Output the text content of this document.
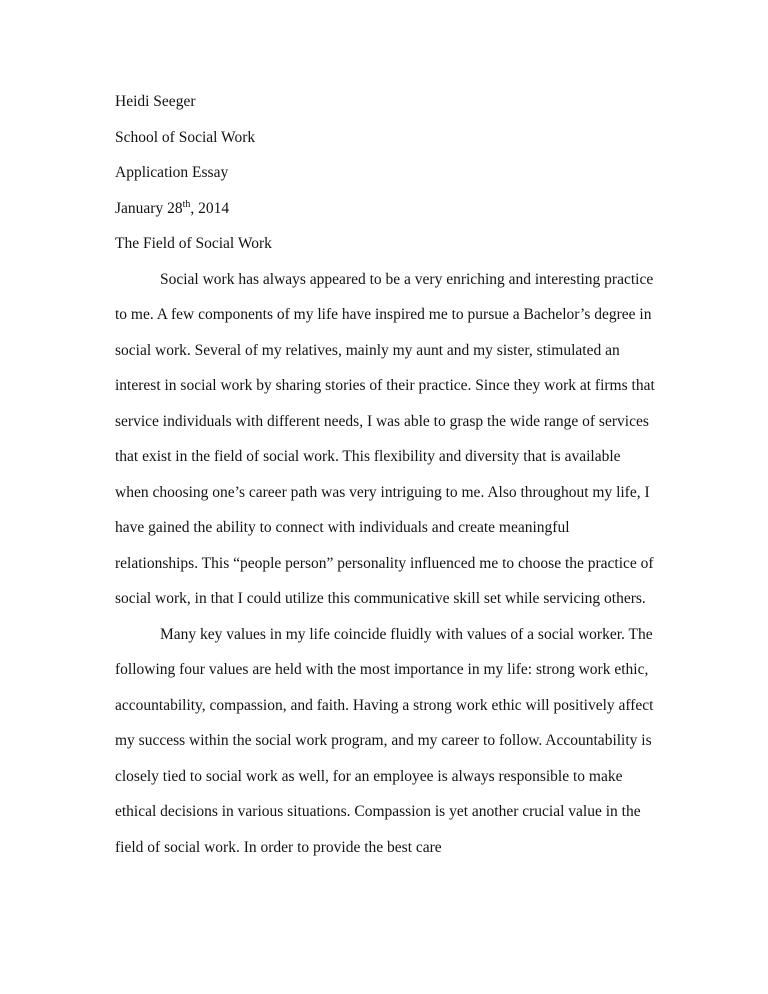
Heidi Seeger

School of Social Work

Application Essay

January 28th, 2014

The Field of Social Work

Social work has always appeared to be a very enriching and interesting practice to me. A few components of my life have inspired me to pursue a Bachelor’s degree in social work. Several of my relatives, mainly my aunt and my sister, stimulated an interest in social work by sharing stories of their practice. Since they work at firms that service individuals with different needs, I was able to grasp the wide range of services that exist in the field of social work. This flexibility and diversity that is available when choosing one’s career path was very intriguing to me. Also throughout my life, I have gained the ability to connect with individuals and create meaningful relationships. This “people person” personality influenced me to choose the practice of social work, in that I could utilize this communicative skill set while servicing others.

Many key values in my life coincide fluidly with values of a social worker. The following four values are held with the most importance in my life: strong work ethic, accountability, compassion, and faith. Having a strong work ethic will positively affect my success within the social work program, and my career to follow. Accountability is closely tied to social work as well, for an employee is always responsible to make ethical decisions in various situations. Compassion is yet another crucial value in the field of social work. In order to provide the best care
